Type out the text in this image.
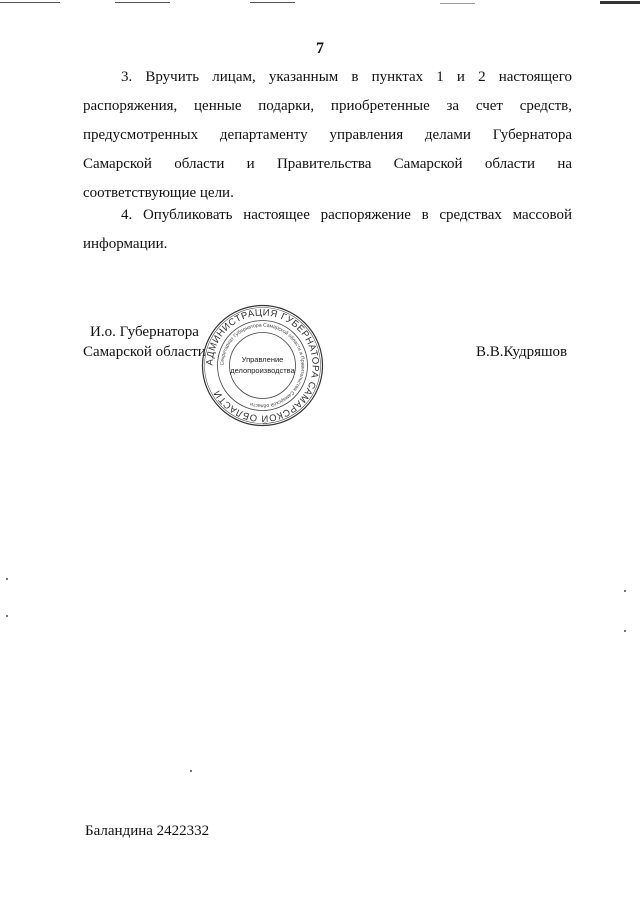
7
3. Вручить лицам, указанным в пунктах 1 и 2 настоящего
распоряжения, ценные подарки, приобретенные за счет средств,
предусмотренных департаменту управления делами Губернатора
Самарской области и Правительства Самарской области на
соответствующие цели.
4. Опубликовать настоящее распоряжение в средствах массовой
информации.
И.о. Губернатора
Самарской области	В.В.Кудряшов
АДМИНИСТРАЦИЯ ГУБЕРНАТОРА САМАРСКОЙ ОБЛАСТИ
Секретариат Губернатора Самарской области и Правительства Самарской области
Управление
делопроизводства
Баландина 2422332
